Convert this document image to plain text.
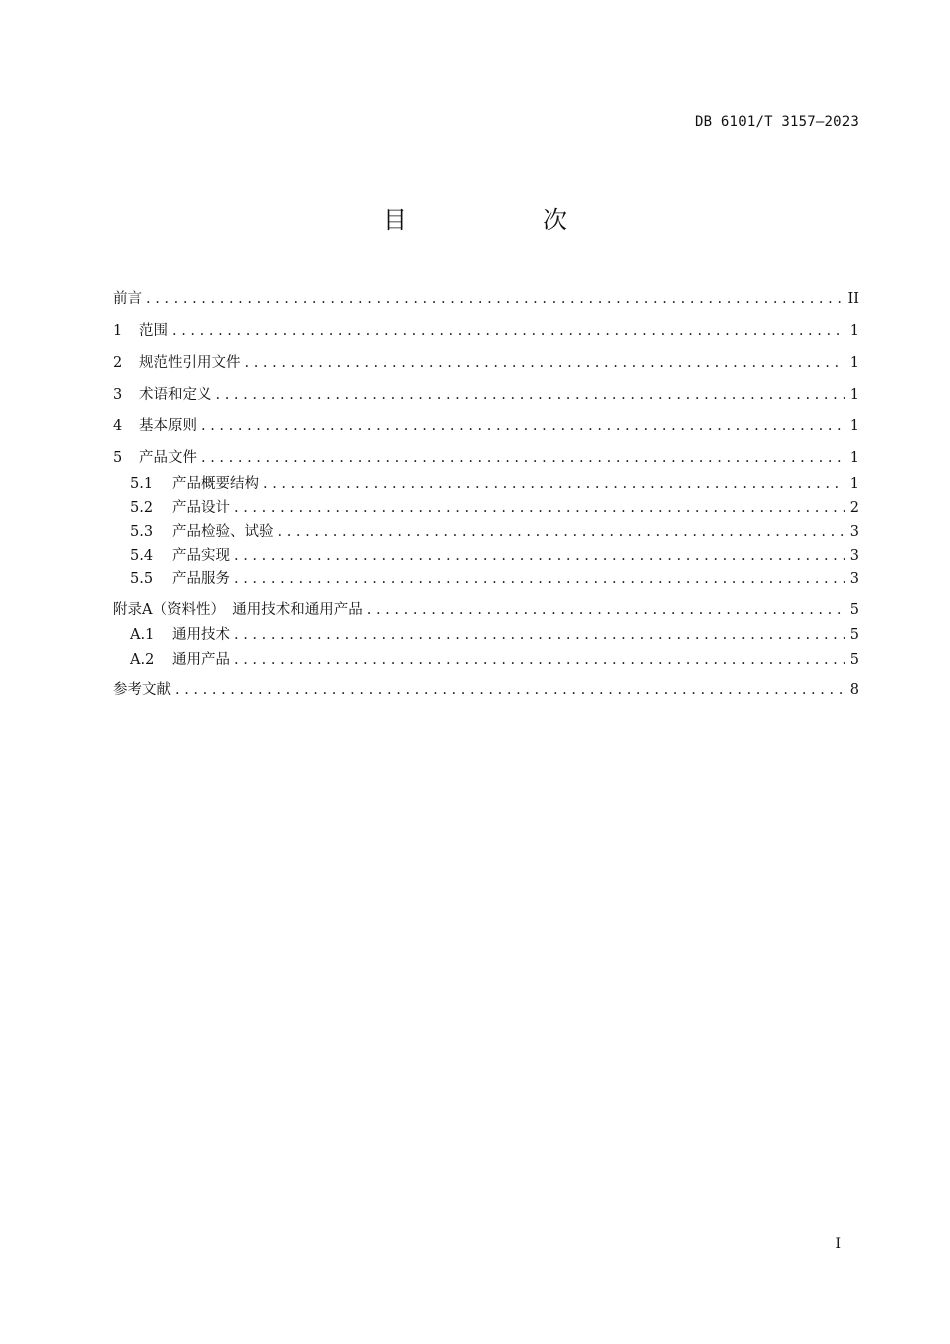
DB 6101/T 3157—2023
目　次
前言 . . .	II
1	范围 . . .	1
2	规范性引用文件 . . .	1
3	术语和定义 . . .	1
4	基本原则 . . .	1
5	产品文件 . . .	1
5.1	产品概要结构 . . .	1
5.2	产品设计 . . .	2
5.3	产品检验、试验 . . .	3
5.4	产品实现 . . .	3
5.5	产品服务 . . .	3
附录A（资料性）　通用技术和通用产品 . . .	5
A.1	通用技术 . . .	5
A.2	通用产品 . . .	5
参考文献 . . .	8
I
